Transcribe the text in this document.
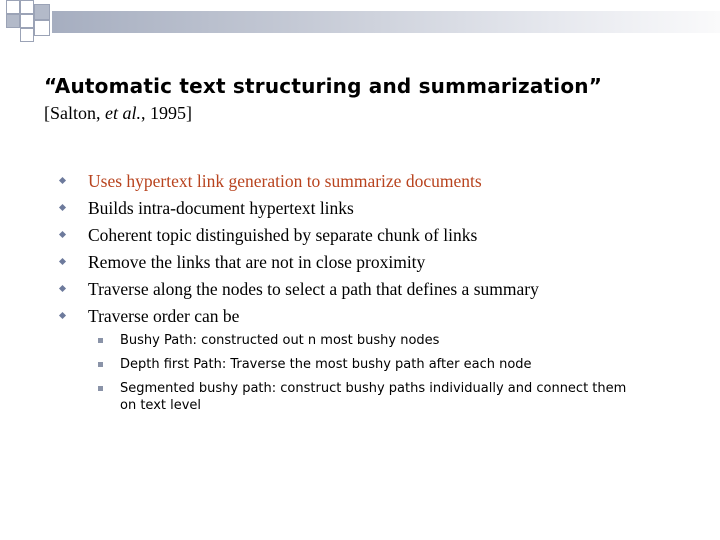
“Automatic text structuring and summarization”
[Salton, et al., 1995]
Uses hypertext link generation to summarize documents
Builds intra-document hypertext links
Coherent topic distinguished by separate chunk of links
Remove the links that are not in close proximity
Traverse along the nodes to select a path that defines a summary
Traverse order can be
Bushy Path: constructed out n most bushy nodes
Depth first Path: Traverse the most bushy path after each node
Segmented bushy path: construct bushy paths individually and connect them on text level
